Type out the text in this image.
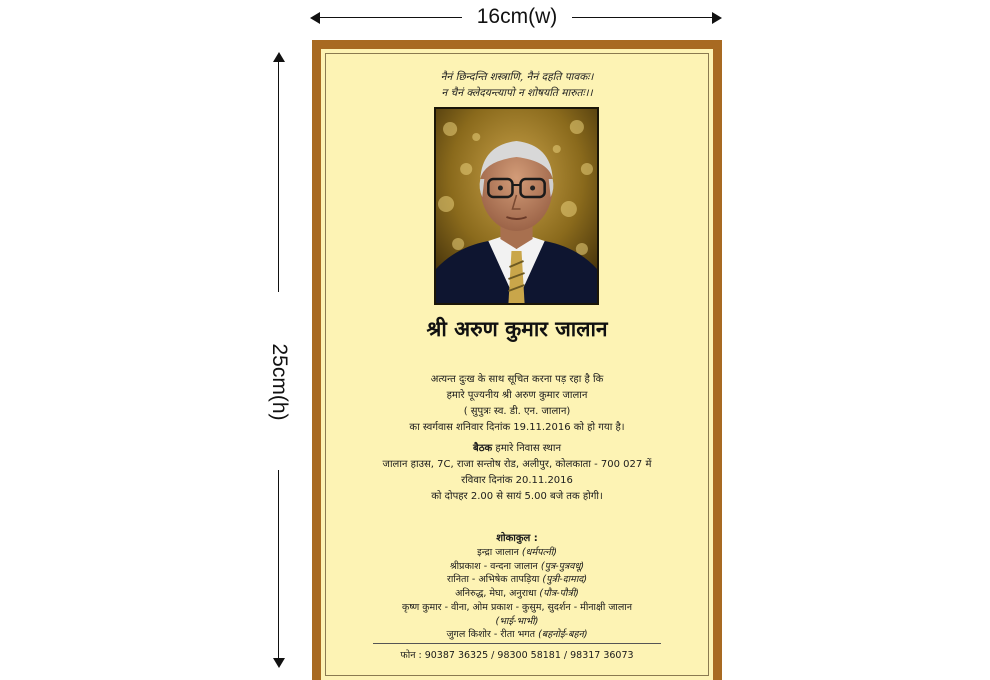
16cm(w)
25cm(h)
नैनं छिन्दन्ति शस्त्राणि, नैनं दहति पावकः।
न चैनं क्लेदयन्त्यापो न शोषयति मारुतः।।
श्री अरुण कुमार जालान

अत्यन्त दुःख के साथ सूचित करना पड़ रहा है कि

हमारे पूज्यनीय श्री अरुण कुमार जालान

( सुपुत्रः स्व. डी. एन. जालान)

का स्वर्गवास शनिवार दिनांक 19.11.2016 को हो गया है।

बैठक हमारे निवास स्थान

जालान हाउस, 7C, राजा सन्तोष रोड, अलीपुर, कोलकाता - 700 027 में

रविवार दिनांक 20.11.2016

को दोपहर 2.00 से सायं 5.00 बजे तक होगी।

शोकाकुल :

इन्द्रा जालान (धर्मपत्नी)

श्रीप्रकाश - वन्दना जालान (पुत्र-पुत्रवधू)

रानिता - अभिषेक तापड़िया (पुत्री-दामाद)

अनिरुद्ध, मेघा, अनुराधा (पौत्र-पौत्री)

कृष्ण कुमार - वीना, ओम प्रकाश - कुसुम, सुदर्शन - मीनाक्षी जालान

(भाई-भाभी)

जुगल किशोर - रीता भगत (बहनोई-बहन)

फोन : 90387 36325 / 98300 58181 / 98317 36073
